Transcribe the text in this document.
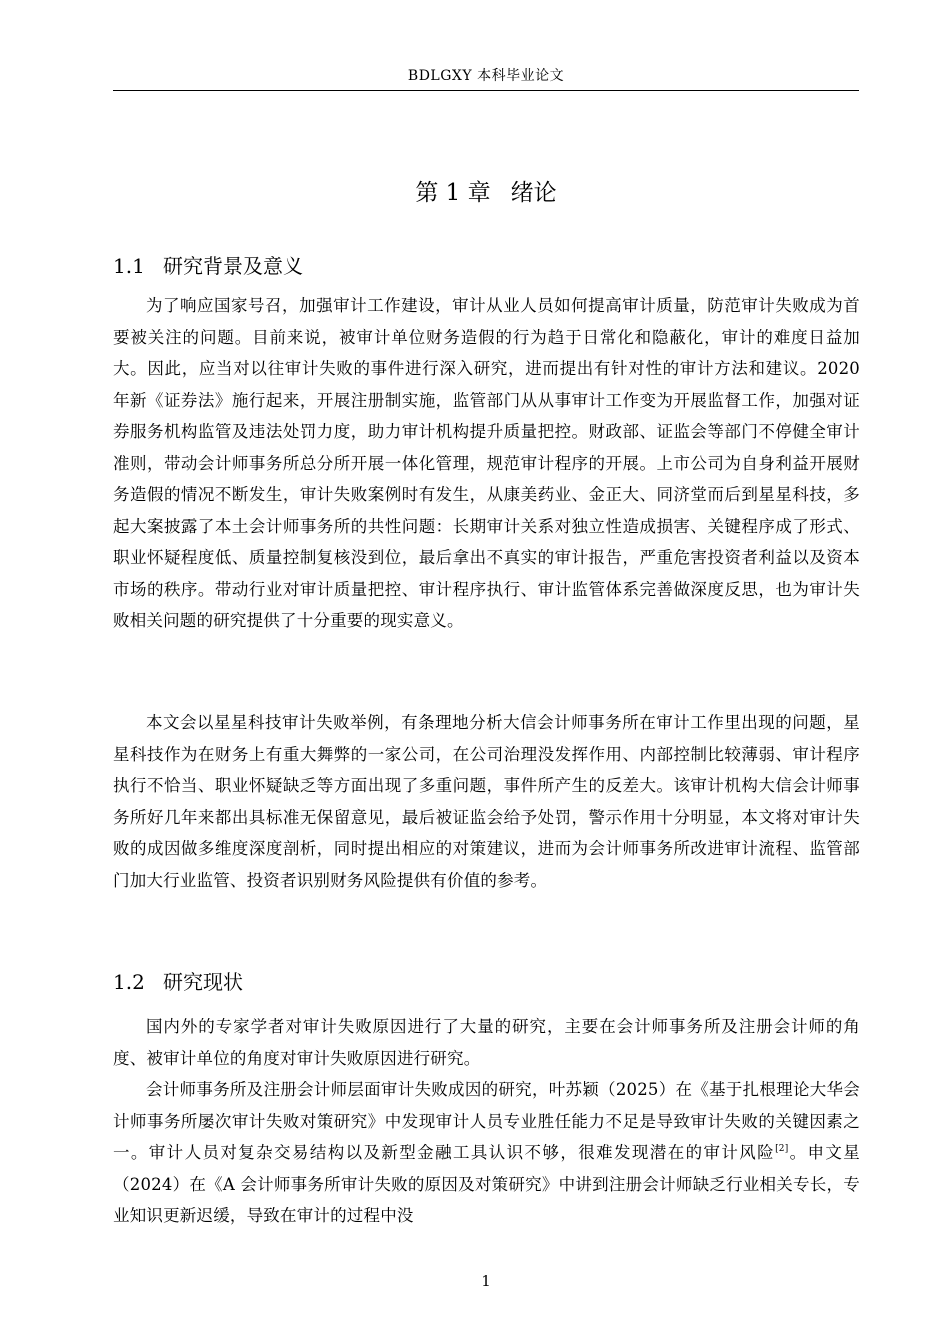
BDLGXY 本科毕业论文
第 1 章 绪论
1.1 研究背景及意义

为了响应国家号召，加强审计工作建设，审计从业人员如何提高审计质量，防范审计失败成为首要被关注的问题。目前来说，被审计单位财务造假的行为趋于日常化和隐蔽化，审计的难度日益加大。因此，应当对以往审计失败的事件进行深入研究，进而提出有针对性的审计方法和建议。2020 年新《证券法》施行起来，开展注册制实施，监管部门从从事审计工作变为开展监督工作，加强对证券服务机构监管及违法处罚力度，助力审计机构提升质量把控。财政部、证监会等部门不停健全审计准则，带动会计师事务所总分所开展一体化管理，规范审计程序的开展。上市公司为自身利益开展财务造假的情况不断发生，审计失败案例时有发生，从康美药业、金正大、同济堂而后到星星科技，多起大案披露了本土会计师事务所的共性问题：长期审计关系对独立性造成损害、关键程序成了形式、职业怀疑程度低、质量控制复核没到位，最后拿出不真实的审计报告，严重危害投资者利益以及资本市场的秩序。带动行业对审计质量把控、审计程序执行、审计监管体系完善做深度反思，也为审计失败相关问题的研究提供了十分重要的现实意义。

本文会以星星科技审计失败举例，有条理地分析大信会计师事务所在审计工作里出现的问题，星星科技作为在财务上有重大舞弊的一家公司，在公司治理没发挥作用、内部控制比较薄弱、审计程序执行不恰当、职业怀疑缺乏等方面出现了多重问题，事件所产生的反差大。该审计机构大信会计师事务所好几年来都出具标准无保留意见，最后被证监会给予处罚，警示作用十分明显，本文将对审计失败的成因做多维度深度剖析，同时提出相应的对策建议，进而为会计师事务所改进审计流程、监管部门加大行业监管、投资者识别财务风险提供有价值的参考。

1.2 研究现状

国内外的专家学者对审计失败原因进行了大量的研究，主要在会计师事务所及注册会计师的角度、被审计单位的角度对审计失败原因进行研究。

会计师事务所及注册会计师层面审计失败成因的研究，叶苏颖（2025）在《基于扎根理论大华会计师事务所屡次审计失败对策研究》中发现审计人员专业胜任能力不足是导致审计失败的关键因素之一。审计人员对复杂交易结构以及新型金融工具认识不够，很难发现潜在的审计风险[2]。申文星（2024）在《A 会计师事务所审计失败的原因及对策研究》中讲到注册会计师缺乏行业相关专长，专业知识更新迟缓，导致在审计的过程中没

1
